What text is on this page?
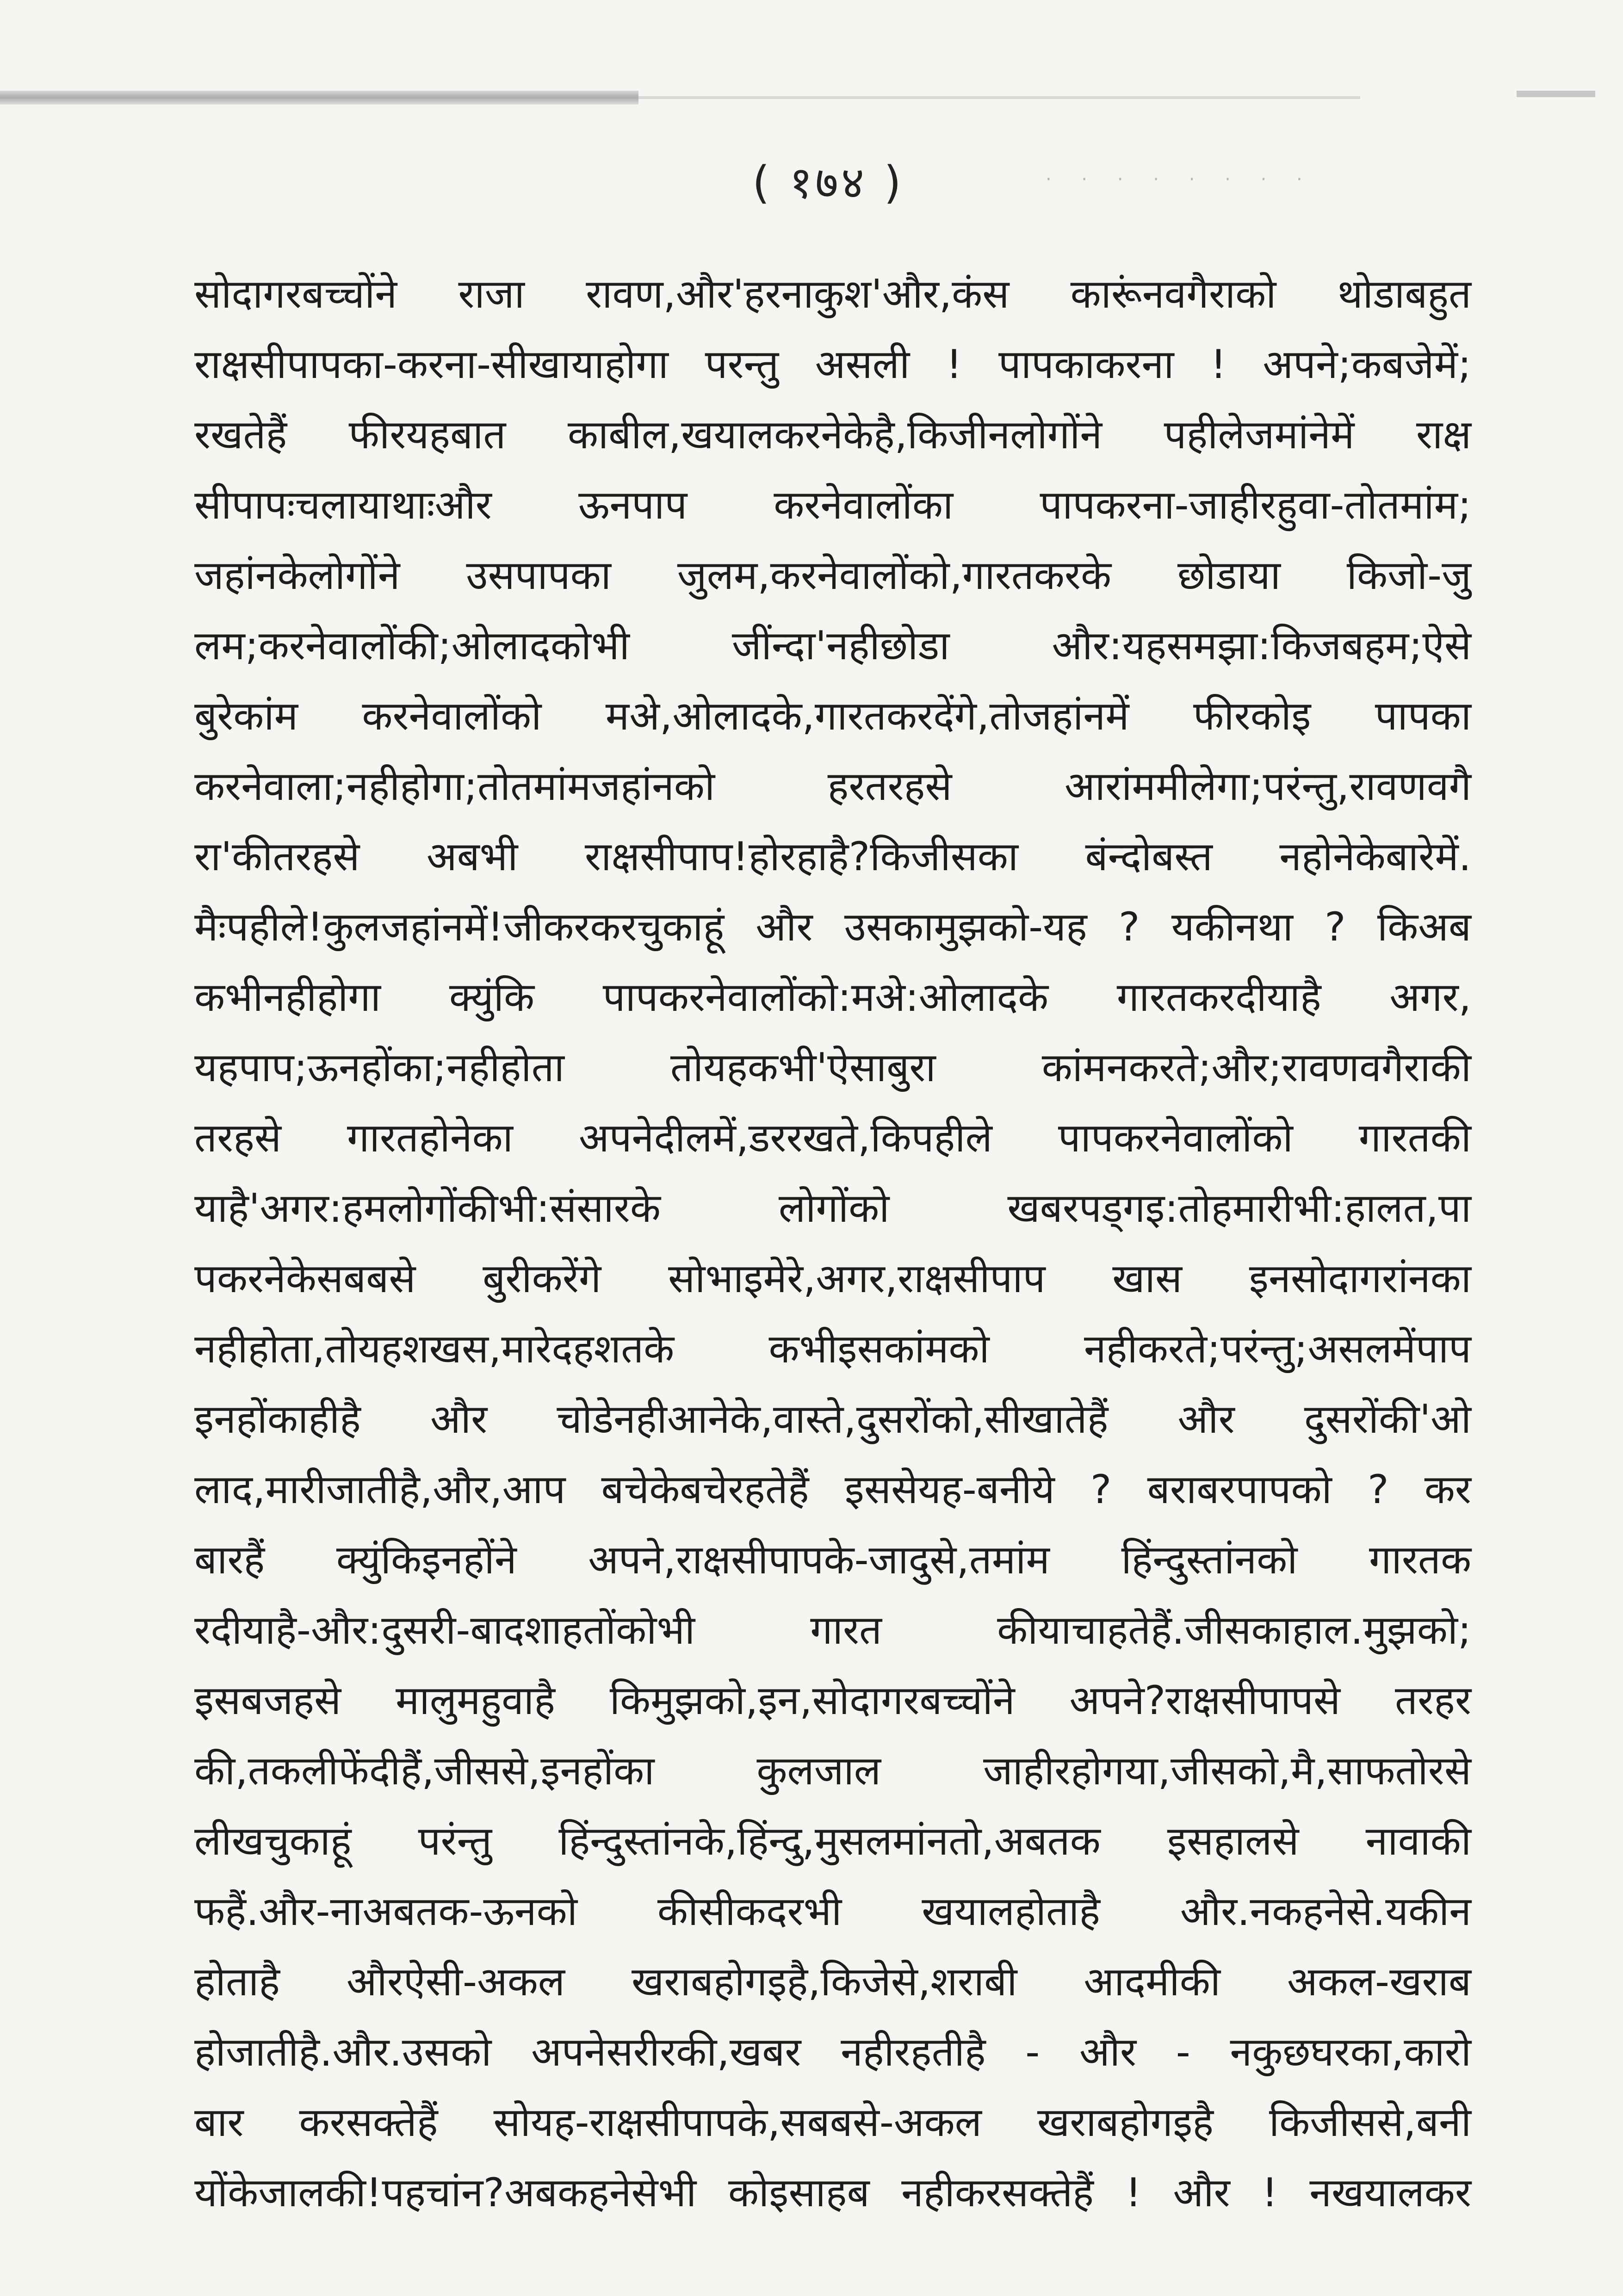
· · · · · · · ·
( १७४ )
सोदागरबच्चोंने राजा रावण,और'हरनाकुश'और,कंस कारूंनवगैराको थोडाबहुत
राक्षसीपापका-करना-सीखायाहोगा परन्तु असली ! पापकाकरना ! अपने;कबजेमें;
रखतेहैं फीरयहबात काबील,खयालकरनेकेहै,किजीनलोगोंने पहीलेजमांनेमें राक्ष
सीपापःचलायाथाःऔर ऊनपाप करनेवालोंका पापकरना-जाहीरहुवा-तोतमांम;
जहांनकेलोगोंने उसपापका जुलम,करनेवालोंको,गारतकरके छोडाया किजो-जु
लम;करनेवालोंकी;ओलादकोभी जींन्दा'नहीछोडा और:यहसमझा:किजबहम;ऐसे
बुरेकांम करनेवालोंको मअे,ओलादके,गारतकरदेंगे,तोजहांनमें फीरकोइ पापका
करनेवाला;नहीहोगा;तोतमांमजहांनको हरतरहसे आरांममीलेगा;परंन्तु,रावणवगै
रा'कीतरहसे अबभी राक्षसीपाप!होरहाहै?किजीसका बंन्दोबस्त नहोनेकेबारेमें.
मैःपहीले!कुलजहांनमें!जीकरकरचुकाहूं और उसकामुझको-यह ? यकीनथा ? किअब
कभीनहीहोगा क्युंकि पापकरनेवालोंको:मअे:ओलादके गारतकरदीयाहै अगर,
यहपाप;ऊनहोंका;नहीहोता तोयहकभी'ऐसाबुरा कांमनकरते;और;रावणवगैराकी
तरहसे गारतहोनेका अपनेदीलमें,डररखते,किपहीले पापकरनेवालोंको गारतकी
याहै'अगर:हमलोगोंकीभी:संसारके लोगोंको खबरपड्गइ:तोहमारीभी:हालत,पा
पकरनेकेसबबसे बुरीकरेंगे सोभाइमेरे,अगर,राक्षसीपाप खास इनसोदागरांनका
नहीहोता,तोयहशखस,मारेदहशतके कभीइसकांमको नहीकरते;परंन्तु;असलमेंपाप
इनहोंकाहीहै और चोडेनहीआनेके,वास्ते,दुसरोंको,सीखातेहैं और दुसरोंकी'ओ
लाद,मारीजातीहै,और,आप बचेकेबचेरहतेहैं इससेयह-बनीये ? बराबरपापको ? कर
बारहैं क्युंकिइनहोंने अपने,राक्षसीपापके-जादुसे,तमांम हिंन्दुस्तांनको गारतक
रदीयाहै-और:दुसरी-बादशाहतोंकोभी गारत कीयाचाहतेहैं.जीसकाहाल.मुझको;
इसबजहसे मालुमहुवाहै किमुझको,इन,सोदागरबच्चोंने अपने?राक्षसीपापसे तरहर
की,तकलीफेंदीहैं,जीससे,इनहोंका कुलजाल जाहीरहोगया,जीसको,मै,साफतोरसे
लीखचुकाहूं परंन्तु हिंन्दुस्तांनके,हिंन्दु,मुसलमांनतो,अबतक इसहालसे नावाकी
फहैं.और-नाअबतक-ऊनको कीसीकदरभी खयालहोताहै और.नकहनेसे.यकीन
होताहै औरऐसी-अकल खराबहोगइहै,किजेसे,शराबी आदमीकी अकल-खराब
होजातीहै.और.उसको अपनेसरीरकी,खबर नहीरहतीहै - और - नकुछघरका,कारो
बार करसक्तेहैं सोयह-राक्षसीपापके,सबबसे-अकल खराबहोगइहै किजीससे,बनी
योंकेजालकी!पहचांन?अबकहनेसेभी कोइसाहब नहीकरसक्तेहैं ! और ! नखयालकर
